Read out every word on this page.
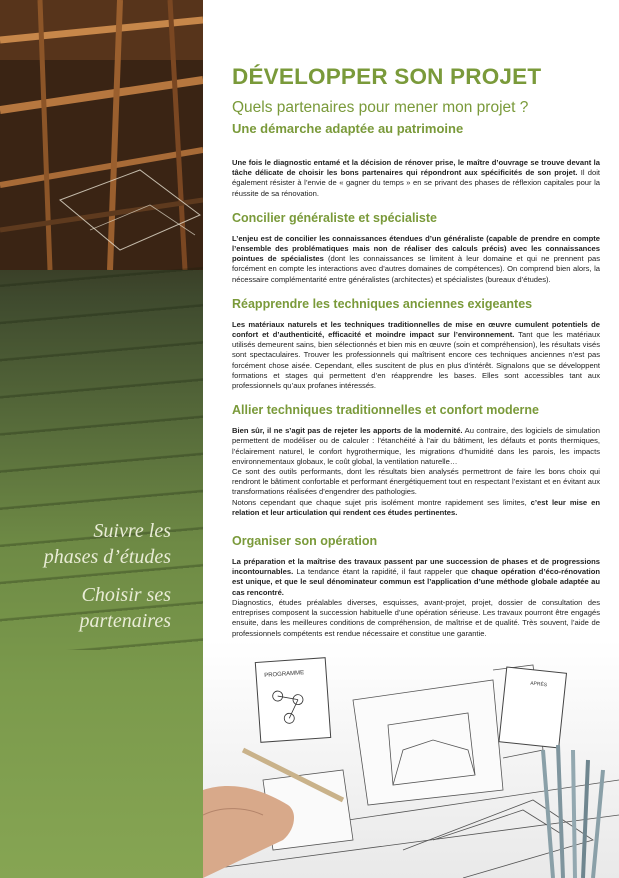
Suivre les
phases d’études
Choisir ses
partenaires
DÉVELOPPER SON PROJET
Quels partenaires pour mener mon projet ?
Une démarche adaptée au patrimoine
Une fois le diagnostic entamé et la décision de rénover prise, le maître d’ouvrage se trouve devant la tâche délicate de choisir les bons partenaires qui répondront aux spécificités de son projet. Il doit également résister à l’envie de « gagner du temps » en se privant des phases de réflexion capitales pour la réussite de sa rénovation.
Concilier généraliste et spécialiste

L’enjeu est de concilier les connaissances étendues d’un généraliste (capable de prendre en compte l’ensemble des problématiques mais non de réaliser des calculs précis) avec les connaissances pointues de spécialistes (dont les connaissances se limitent à leur domaine et qui ne prennent pas forcément en compte les interactions avec d’autres domaines de compétences). On comprend bien alors, la nécessaire complémentarité entre généralistes (architectes) et spécialistes (bureaux d’études).

Réapprendre les techniques anciennes exigeantes

Les matériaux naturels et les techniques traditionnelles de mise en œuvre cumulent potentiels de confort et d’authenticité, efficacité et moindre impact sur l’environnement. Tant que les matériaux utilisés demeurent sains, bien sélectionnés et bien mis en œuvre (soin et compréhension), les résultats visés sont spectaculaires. Trouver les professionnels qui maîtrisent encore ces techniques anciennes n’est pas forcément chose aisée. Cependant, elles suscitent de plus en plus d’intérêt. Signalons que se développent formations et stages qui permettent d’en réapprendre les bases. Elles sont accessibles tant aux professionnels qu’aux profanes intéressés.

Allier techniques traditionnelles et confort moderne

Bien sûr, il ne s’agit pas de rejeter les apports de la modernité. Au contraire, des logiciels de simulation permettent de modéliser ou de calculer : l’étanchéité à l’air du bâtiment, les défauts et ponts thermiques, l’éclairement naturel, le confort hygrothermique, les migrations d’humidité dans les parois, les impacts environnementaux globaux, le coût global, la ventilation naturelle…

Ce sont des outils performants, dont les résultats bien analysés permettront de faire les bons choix qui rendront le bâtiment confortable et performant énergétiquement tout en respectant l’existant et en évitant aux transformations réalisées d’engendrer des pathologies.

Notons cependant que chaque sujet pris isolément montre rapidement ses limites, c’est leur mise en relation et leur articulation qui rendent ces études pertinentes.

Organiser son opération

La préparation et la maîtrise des travaux passent par une succession de phases et de progressions incontournables. La tendance étant la rapidité, il faut rappeler que chaque opération d’éco-rénovation est unique, et que le seul dénominateur commun est l’application d’une méthode globale adaptée au cas rencontré.

Diagnostics, études préalables diverses, esquisses, avant-projet, projet, dossier de consultation des entreprises composent la succession habituelle d’une opération sérieuse. Les travaux pourront être engagés ensuite, dans les meilleures conditions de compréhension, de maîtrise et de qualité. Très souvent, l’aide de professionnels compétents est rendue nécessaire et constitue une garantie.

PROGRAMME
APRÈS
